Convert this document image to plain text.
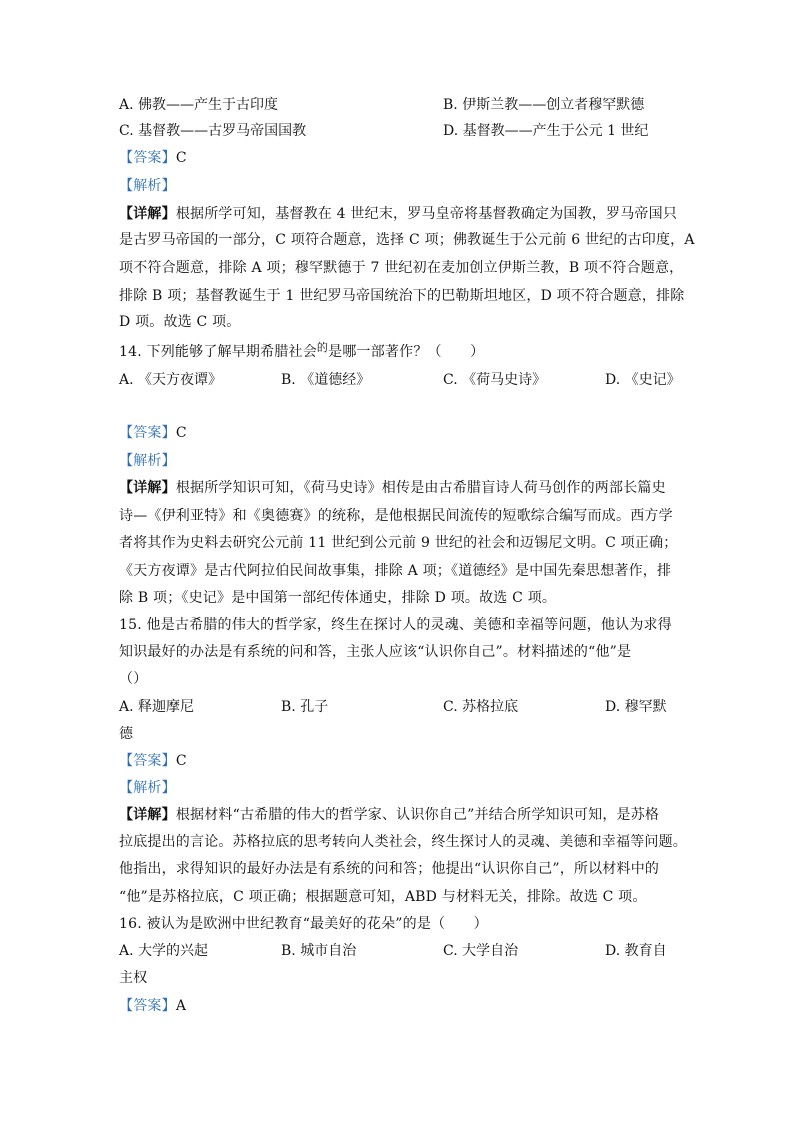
A. 佛教——产生于古印度	B. 伊斯兰教——创立者穆罕默德
C. 基督教——古罗马帝国国教	D. 基督教——产生于公元 1 世纪
【答案】C
【解析】
【详解】根据所学可知，基督教在 4 世纪末，罗马皇帝将基督教确定为国教，罗马帝国只
是古罗马帝国的一部分，C 项符合题意，选择 C 项；佛教诞生于公元前 6 世纪的古印度，A
项不符合题意，排除 A 项；穆罕默德于 7 世纪初在麦加创立伊斯兰教，B 项不符合题意，
排除 B 项；基督教诞生于 1 世纪罗马帝国统治下的巴勒斯坦地区，D 项不符合题意，排除
D 项。故选 C 项。
14. 下列能够了解早期希腊社会$^的$是哪一部著作？（　　）
A. 《天方夜谭》	B. 《道德经》	C. 《荷马史诗》	D. 《史记》
【答案】C
【解析】
【详解】根据所学知识可知，《荷马史诗》相传是由古希腊盲诗人荷马创作的两部长篇史
诗—《伊利亚特》和《奥德赛》的统称，是他根据民间流传的短歌综合编写而成。西方学
者将其作为史料去研究公元前 11 世纪到公元前 9 世纪的社会和迈锡尼文明。C 项正确；
《天方夜谭》是古代阿拉伯民间故事集，排除 A 项；《道德经》是中国先秦思想著作，排
除 B 项；《史记》是中国第一部纪传体通史，排除 D 项。故选 C 项。
15. 他是古希腊的伟大的哲学家，终生在探讨人的灵魂、美德和幸福等问题，他认为求得
知识最好的办法是有系统的问和答，主张人应该“认识你自己”。材料描述的“他”是
（）
A. 释迦摩尼	B. 孔子	C. 苏格拉底	D. 穆罕默
德
【答案】C
【解析】
【详解】根据材料“古希腊的伟大的哲学家、认识你自己”并结合所学知识可知，是苏格
拉底提出的言论。苏格拉底的思考转向人类社会，终生探讨人的灵魂、美德和幸福等问题。
他指出，求得知识的最好办法是有系统的问和答；他提出“认识你自己”，所以材料中的
“他”是苏格拉底，C 项正确；根据题意可知，ABD 与材料无关，排除。故选 C 项。
16. 被认为是欧洲中世纪教育“最美好的花朵”的是（　　）
A. 大学的兴起	B. 城市自治	C. 大学自治	D. 教育自
主权
【答案】A
